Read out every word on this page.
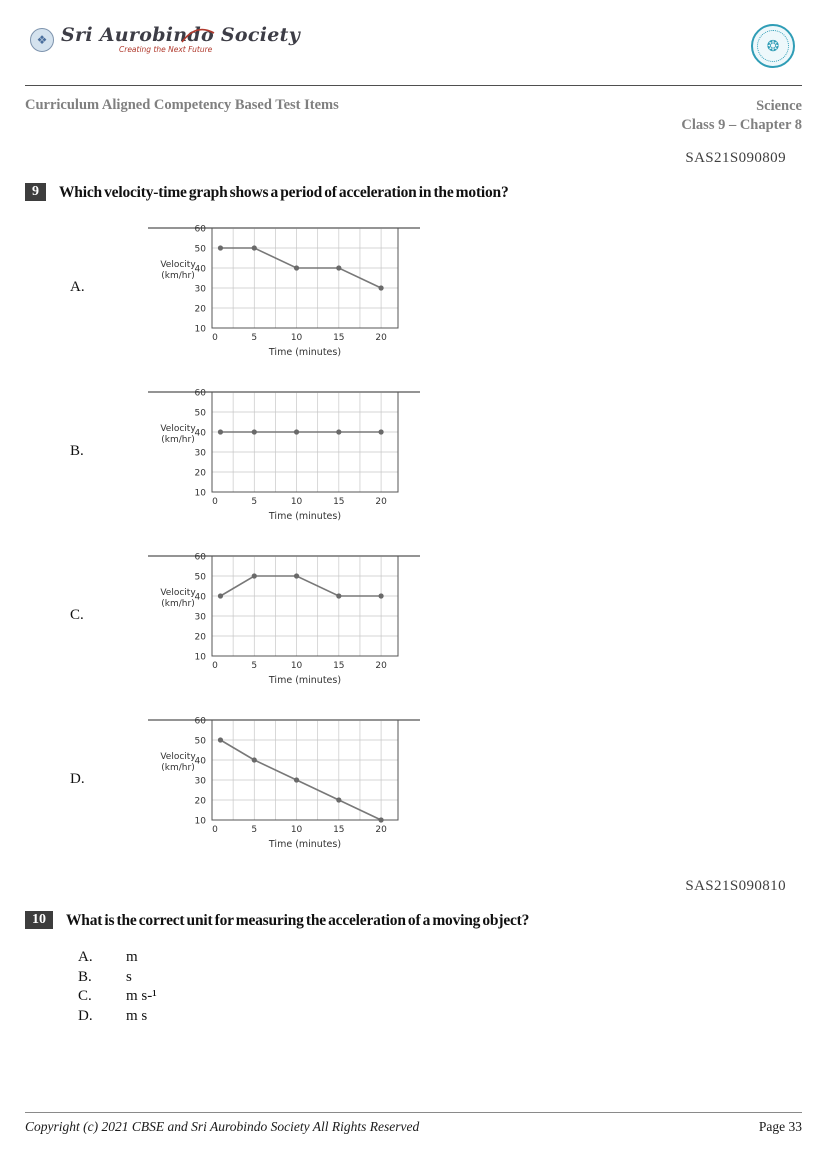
❖ Sri Aurobindo Society
Creating the Next Future	❂
Curriculum Aligned Competency Based Test Items	Science
Class 9 – Chapter 8
SAS21S090809
9	Which velocity-time graph shows a period of acceleration in the motion?
A.
60
50
40
30
20
10
0	5	10	15	20
Velocity
(km/hr)
Time (minutes)
B.
60
50
40
30
20
10
0	5	10	15	20
Velocity
(km/hr)
Time (minutes)
C.
60
50
40
30
20
10
0	5	10	15	20
Velocity
(km/hr)
Time (minutes)
D.
60
50
40
30
20
10
0	5	10	15	20
Velocity
(km/hr)
Time (minutes)
SAS21S090810
10	What is the correct unit for measuring the acceleration of a moving object?
A.	m
B.	s
C.	m s-¹
D.	m s
Copyright (c) 2021 CBSE and Sri Aurobindo Society All Rights Reserved	Page 33
